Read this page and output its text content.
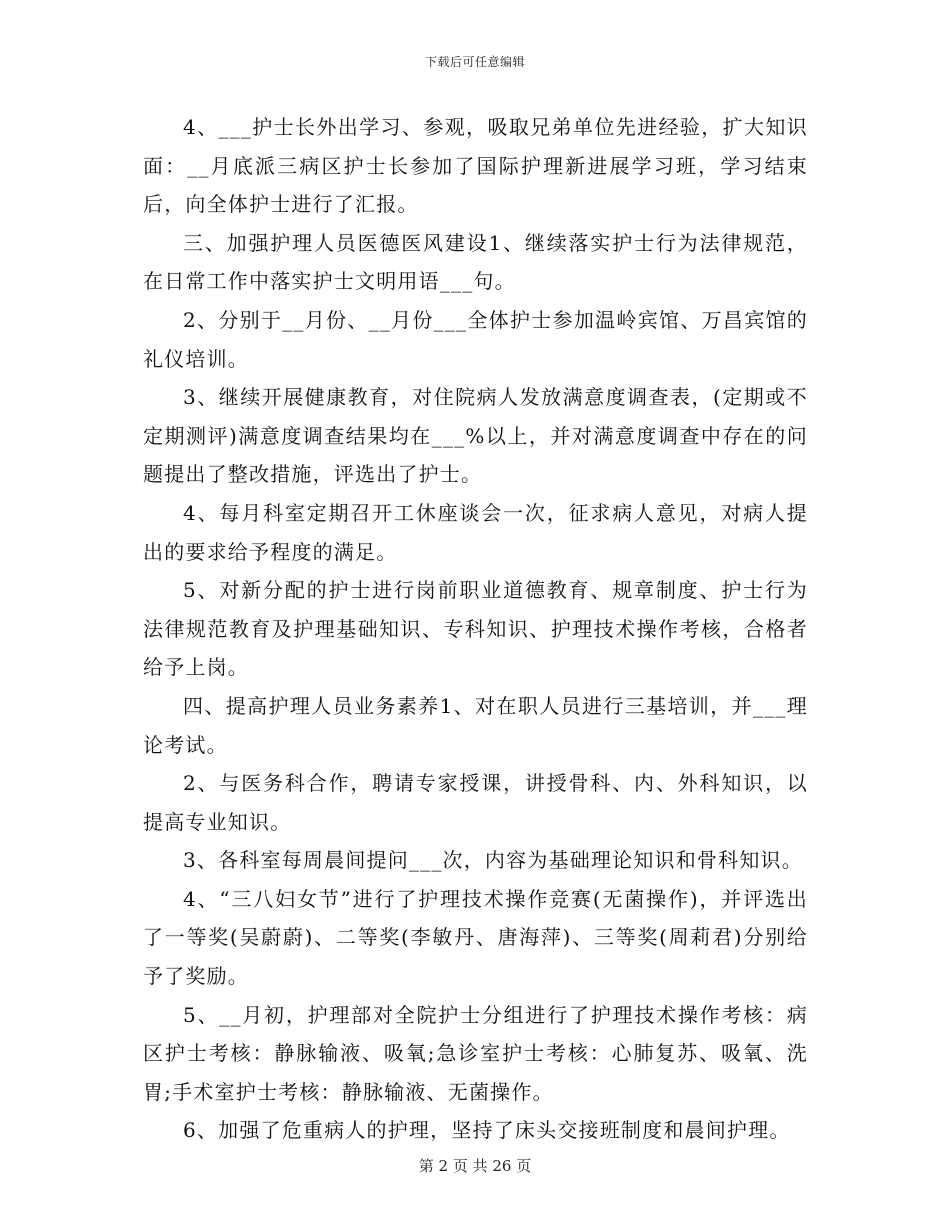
下载后可任意编辑

4、___护士长外出学习、参观，吸取兄弟单位先进经验，扩大知识面：__月底派三病区护士长参加了国际护理新进展学习班，学习结束后，向全体护士进行了汇报。

三、加强护理人员医德医风建设1、继续落实护士行为法律规范，在日常工作中落实护士文明用语___句。

2、分别于__月份、__月份___全体护士参加温岭宾馆、万昌宾馆的礼仪培训。

3、继续开展健康教育，对住院病人发放满意度调查表，(定期或不定期测评)满意度调查结果均在___%以上，并对满意度调查中存在的问题提出了整改措施，评选出了护士。

4、每月科室定期召开工休座谈会一次，征求病人意见，对病人提出的要求给予程度的满足。

5、对新分配的护士进行岗前职业道德教育、规章制度、护士行为法律规范教育及护理基础知识、专科知识、护理技术操作考核，合格者给予上岗。

四、提高护理人员业务素养1、对在职人员进行三基培训，并___理论考试。

2、与医务科合作，聘请专家授课，讲授骨科、内、外科知识，以提高专业知识。

3、各科室每周晨间提问___次，内容为基础理论知识和骨科知识。

4、“三八妇女节”进行了护理技术操作竞赛(无菌操作)，并评选出了一等奖(吴蔚蔚)、二等奖(李敏丹、唐海萍)、三等奖(周莉君)分别给予了奖励。

5、__月初，护理部对全院护士分组进行了护理技术操作考核：病区护士考核：静脉输液、吸氧;急诊室护士考核：心肺复苏、吸氧、洗胃;手术室护士考核：静脉输液、无菌操作。

6、加强了危重病人的护理，坚持了床头交接班制度和晨间护理。

第 2 页 共 26 页
